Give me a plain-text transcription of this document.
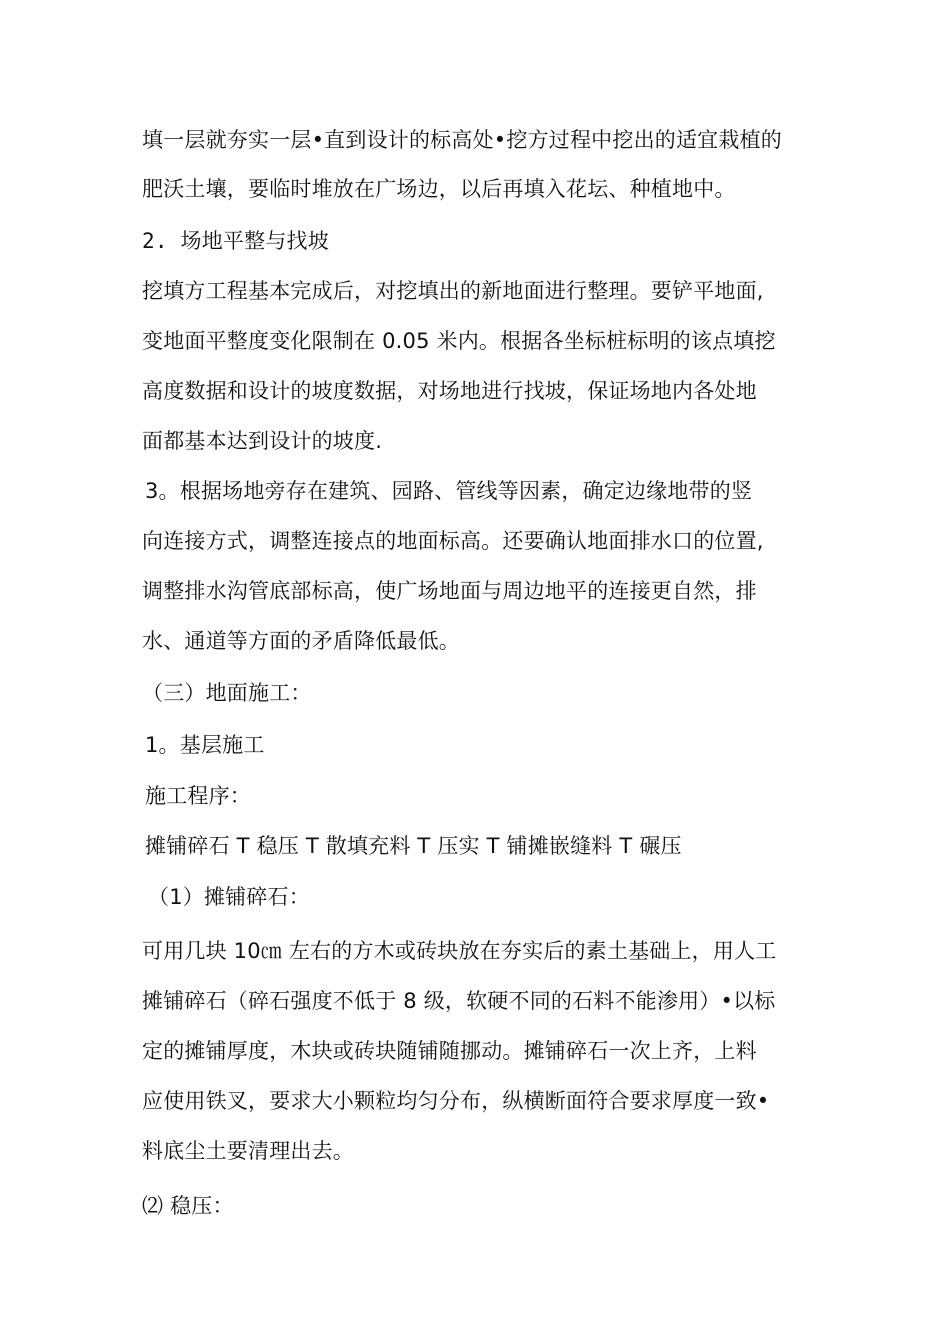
填一层就夯实一层•直到设计的标高处•挖方过程中挖出的适宜栽植的
肥沃土壤，要临时堆放在广场边，以后再填入花坛、种植地中。
2. 场地平整与找坡
挖填方工程基本完成后，对挖填出的新地面进行整理。要铲平地面,
变地面平整度变化限制在 0.05 米内。根据各坐标桩标明的该点填挖
高度数据和设计的坡度数据，对场地进行找坡，保证场地内各处地
面都基本达到设计的坡度.
3。根据场地旁存在建筑、园路、管线等因素，确定边缘地带的竖
向连接方式，调整连接点的地面标高。还要确认地面排水口的位置,
调整排水沟管底部标高，使广场地面与周边地平的连接更自然，排
水、通道等方面的矛盾降低最低。
（三）地面施工：
1。基层施工
施工程序：
摊铺碎石 T 稳压 T 散填充料 T 压实 T 铺摊嵌缝料 T 碾压
（1）摊铺碎石：
可用几块 10㎝ 左右的方木或砖块放在夯实后的素土基础上，用人工
摊铺碎石（碎石强度不低于 8 级，软硬不同的石料不能渗用）•以标
定的摊铺厚度，木块或砖块随铺随挪动。摊铺碎石一次上齐，上料
应使用铁叉，要求大小颗粒均匀分布，纵横断面符合要求厚度一致•
料底尘土要清理出去。
⑵ 稳压：
